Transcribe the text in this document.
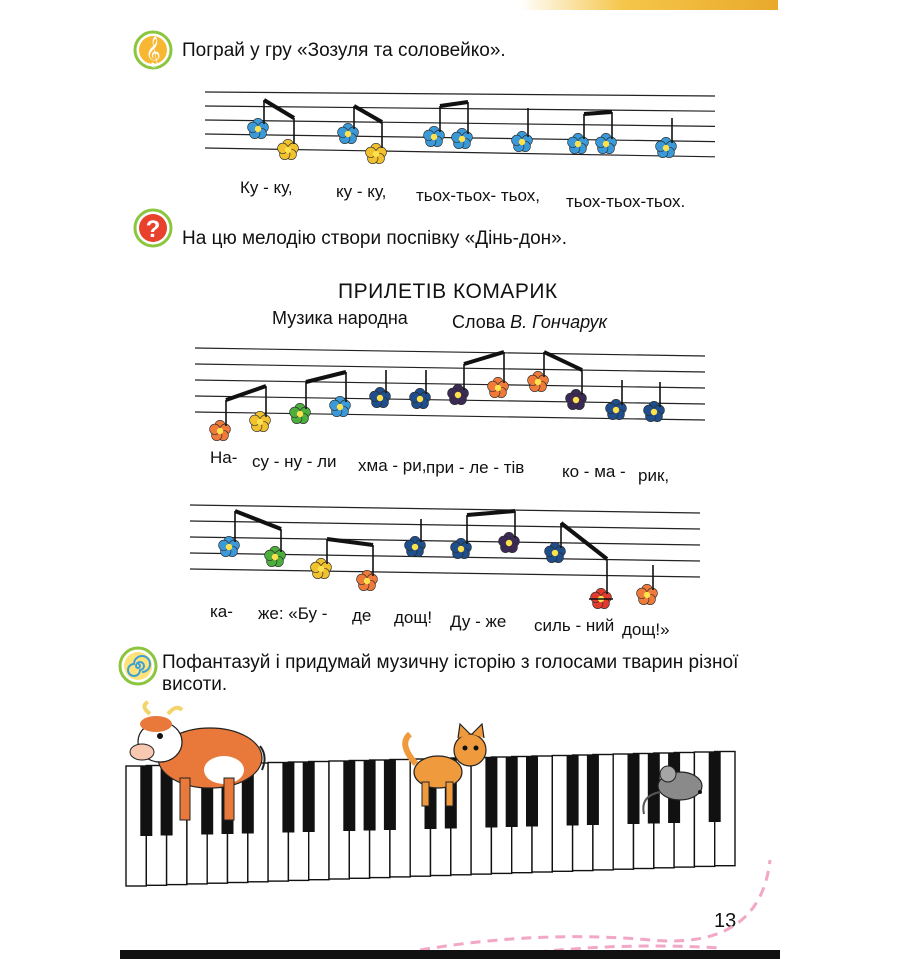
𝄞 Пограй у гру «Зозуля та соловейко».
Ку - ку,	ку - ку, тьох-тьох- тьох, тьох-тьох-тьох.
? На цю мелодію створи поспівку «Дінь-дон».
ПРИЛЕТІВ КОМАРИК
Музика народна Слова В. Гончарук
На- су - ну - ли хма - ри, при - ле - тів ко - ма - рик,
ка- же: «Бу - де дощ! Ду - же силь - ний дощ!»
Пофантазуй і придумай музичну історію з голосами тварин різної
висоти.
13
